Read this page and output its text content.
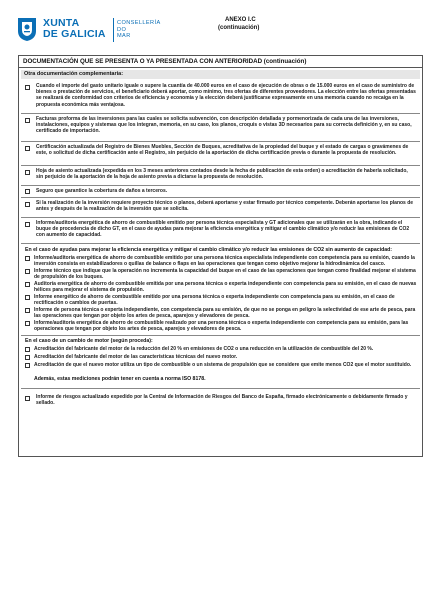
XUNTA
DE GALICIA
CONSELLERÍA
DO MAR
ANEXO I.C
(continuación)
DOCUMENTACIÓN QUE SE PRESENTA O YA PRESENTADA CON ANTERIORIDAD (continuación)
Otra documentación complementaria:
Cuando el importe del gasto unitario iguale o supere la cuantía de 40.000 euros en el caso de ejecución de obras o de 15.000 euros en el caso de suministro de bienes o prestación de servicios, el beneficiario deberá aportar, como mínimo, tres ofertas de diferentes proveedores. La elección entre las ofertas presentadas se realizará de conformidad con criterios de eficiencia y economía y la elección deberá justificarse expresamente en una memoria cuando no recaiga en la propuesta económica más ventajosa.
Facturas proforma de las inversiones para las cuales se solicita subvención, con descripción detallada y pormenorizada de cada una de las inversiones, instalaciones, equipos y sistemas que los integran, memoria, en su caso, los planos, croquis o vistas 3D necesarios para su correcta definición y, en su caso, certificado de importación.
Certificación actualizada del Registro de Bienes Muebles, Sección de Buques, acreditativa de la propiedad del buque y el estado de cargas o gravámenes de este, o solicitud de dicha certificación ante el Registro, sin perjuicio de la aportación de dicha certificación previa o durante la propuesta de resolución.
Hoja de asiento actualizada (expedida en los 3 meses anteriores contados desde la fecha de publicación de esta orden) o acreditación de haberla solicitado, sin perjuicio de la aportación de la hoja de asiento previa a dictarse la propuesta de resolución.
Seguro que garantice la cobertura de daños a terceros.
Si la realización de la inversión requiere proyecto técnico o planos, deberá aportarse y estar firmado por técnico competente. Deberán aportarse los planos de antes y después de la realización de la inversión que se solicita.
Informe/auditoría energética de ahorro de combustible emitido por persona técnica especialista y GT adicionales que se utilizarán en la obra, indicando el buque de procedencia de dicho GT, en el caso de ayudas para mejorar la eficiencia energética y mitigar el cambio climático y/o reducir las emisiones de CO2 con aumento de capacidad.
En el caso de ayudas para mejorar la eficiencia energética y mitigar el cambio climático y/o reducir las emisiones de CO2 sin aumento de capacidad:
Informe/auditoría energética de ahorro de combustible emitido por una persona técnica especialista independiente con competencia para su emisión, cuando la inversión consista en estabilizadores o quillas de balance o flaps en las operaciones que tengan como objetivo mejorar la hidrodinámica del casco.
Informe técnico que indique que la operación no incrementa la capacidad del buque en el caso de las operaciones que tengan como finalidad mejorar el sistema de propulsión de los buques.
Auditoría energética de ahorro de combustible emitida por una persona técnica o experta independiente con competencia para su emisión, en el caso de nuevas hélices para mejorar el sistema de propulsión.
Informe energético de ahorro de combustible emitido por una persona técnica o experta independiente con competencia para su emisión, en el caso de rectificación o cambios de puertas.
Informe de persona técnica o experta independiente, con competencia para su emisión, de que no se ponga en peligro la selectividad de ese arte de pesca, para las operaciones que tengan por objeto los artes de pesca, aparejos y elevadores de pesca.
Informe/auditoría energética de ahorro de combustible realizado por una persona técnica o experta independiente con competencia para su emisión, para las operaciones que tengan por objeto los artes de pesca, aparejos y elevadores de pesca.
En el caso de un cambio de motor (según proceda):
Acreditación del fabricante del motor de la reducción del 20 % en emisiones de CO2 o una reducción en la utilización de combustible del 20 %.
Acreditación del fabricante del motor de las características técnicas del nuevo motor.
Acreditación de que el nuevo motor utiliza un tipo de combustible o un sistema de propulsión que se considere que emite menos CO2 que el motor sustituido.
Además, estas mediciones podrán tener en cuenta a norma ISO 8178.
Informe de riesgos actualizado expedido por la Central de Información de Riesgos del Banco de España, firmado electrónicamente o debidamente firmado y sellado.
